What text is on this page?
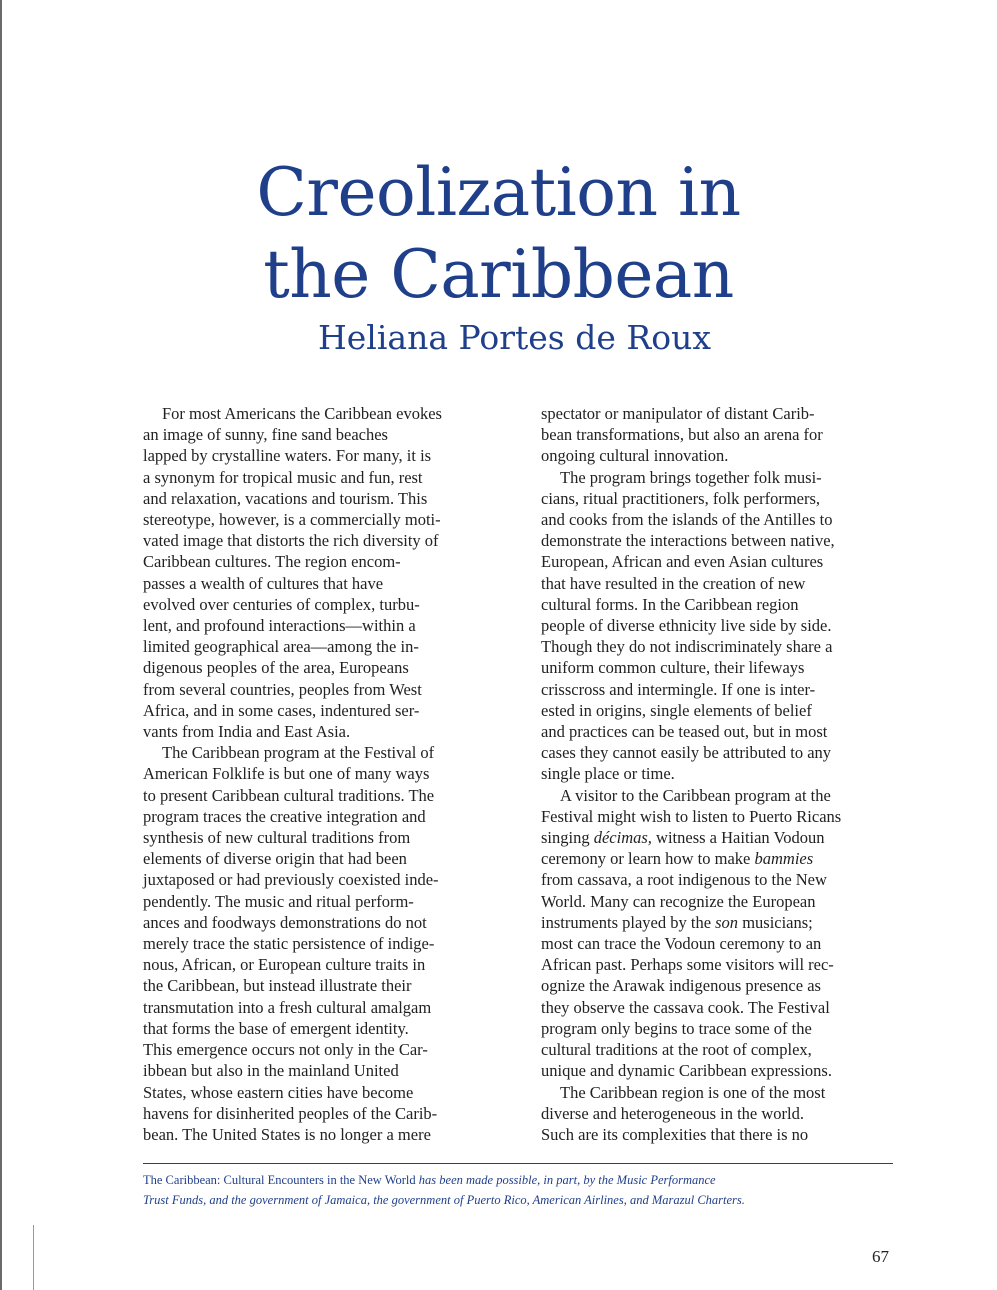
Creolization in
the Caribbean
Heliana Portes de Roux
For most Americans the Caribbean evokes
an image of sunny, fine sand beaches
lapped by crystalline waters. For many, it is
a synonym for tropical music and fun, rest
and relaxation, vacations and tourism. This
stereotype, however, is a commercially moti-
vated image that distorts the rich diversity of
Caribbean cultures. The region encom-
passes a wealth of cultures that have
evolved over centuries of complex, turbu-
lent, and profound interactions—within a
limited geographical area—among the in-
digenous peoples of the area, Europeans
from several countries, peoples from West
Africa, and in some cases, indentured ser-
vants from India and East Asia.
The Caribbean program at the Festival of
American Folklife is but one of many ways
to present Caribbean cultural traditions. The
program traces the creative integration and
synthesis of new cultural traditions from
elements of diverse origin that had been
juxtaposed or had previously coexisted inde-
pendently. The music and ritual perform-
ances and foodways demonstrations do not
merely trace the static persistence of indige-
nous, African, or European culture traits in
the Caribbean, but instead illustrate their
transmutation into a fresh cultural amalgam
that forms the base of emergent identity.
This emergence occurs not only in the Car-
ibbean but also in the mainland United
States, whose eastern cities have become
havens for disinherited peoples of the Carib-
bean. The United States is no longer a mere
spectator or manipulator of distant Carib-
bean transformations, but also an arena for
ongoing cultural innovation.
The program brings together folk musi-
cians, ritual practitioners, folk performers,
and cooks from the islands of the Antilles to
demonstrate the interactions between native,
European, African and even Asian cultures
that have resulted in the creation of new
cultural forms. In the Caribbean region
people of diverse ethnicity live side by side.
Though they do not indiscriminately share a
uniform common culture, their lifeways
crisscross and intermingle. If one is inter-
ested in origins, single elements of belief
and practices can be teased out, but in most
cases they cannot easily be attributed to any
single place or time.
A visitor to the Caribbean program at the
Festival might wish to listen to Puerto Ricans
singing décimas, witness a Haitian Vodoun
ceremony or learn how to make bammies
from cassava, a root indigenous to the New
World. Many can recognize the European
instruments played by the son musicians;
most can trace the Vodoun ceremony to an
African past. Perhaps some visitors will rec-
ognize the Arawak indigenous presence as
they observe the cassava cook. The Festival
program only begins to trace some of the
cultural traditions at the root of complex,
unique and dynamic Caribbean expressions.
The Caribbean region is one of the most
diverse and heterogeneous in the world.
Such are its complexities that there is no
The Caribbean: Cultural Encounters in the New World has been made possible, in part, by the Music Performance
Trust Funds, and the government of Jamaica, the government of Puerto Rico, American Airlines, and Marazul Charters.
67
